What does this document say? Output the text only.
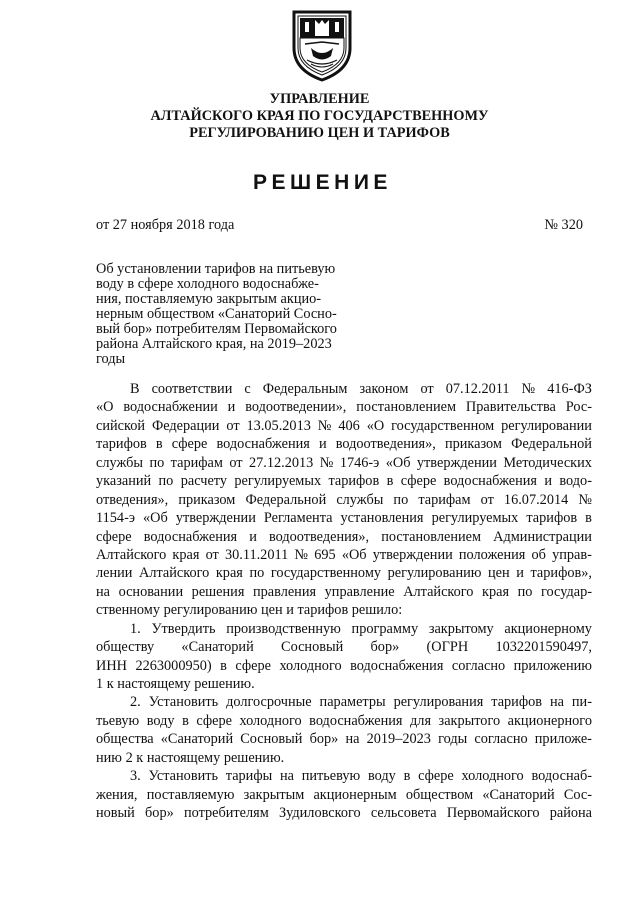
УПРАВЛЕНИЕ
АЛТАЙСКОГО КРАЯ ПО ГОСУДАРСТВЕННОМУ
РЕГУЛИРОВАНИЮ ЦЕН И ТАРИФОВ
РЕШЕНИЕ
от 27 ноября 2018 года	№ 320
Об установлении тарифов на питьевую
воду в сфере холодного водоснабже-
ния, поставляемую закрытым акцио-
нерным обществом «Санаторий Сосно-
вый бор» потребителям Первомайского
района Алтайского края, на 2019–2023
годы
В соответствии с Федеральным законом от 07.12.2011 № 416-ФЗ
«О водоснабжении и водоотведении», постановлением Правительства Рос-
сийской Федерации от 13.05.2013 № 406 «О государственном регулировании
тарифов в сфере водоснабжения и водоотведения», приказом Федеральной
службы по тарифам от 27.12.2013 № 1746-э «Об утверждении Методических
указаний по расчету регулируемых тарифов в сфере водоснабжения и водо-
отведения», приказом Федеральной службы по тарифам от 16.07.2014 №
1154-э «Об утверждении Регламента установления регулируемых тарифов в
сфере водоснабжения и водоотведения», постановлением Администрации
Алтайского края от 30.11.2011 № 695 «Об утверждении положения об управ-
лении Алтайского края по государственному регулированию цен и тарифов»,
на основании решения правления управление Алтайского края по государ-
ственному регулированию цен и тарифов решило:
1. Утвердить производственную программу закрытому акционерному
обществу «Санаторий Сосновый бор» (ОГРН 1032201590497,
ИНН 2263000950) в сфере холодного водоснабжения согласно приложению
1 к настоящему решению.
2. Установить долгосрочные параметры регулирования тарифов на пи-
тьевую воду в сфере холодного водоснабжения для закрытого акционерного
общества «Санаторий Сосновый бор» на 2019–2023 годы согласно приложе-
нию 2 к настоящему решению.
3. Установить тарифы на питьевую воду в сфере холодного водоснаб-
жения, поставляемую закрытым акционерным обществом «Санаторий Сос-
новый бор» потребителям Зудиловского сельсовета Первомайского района
